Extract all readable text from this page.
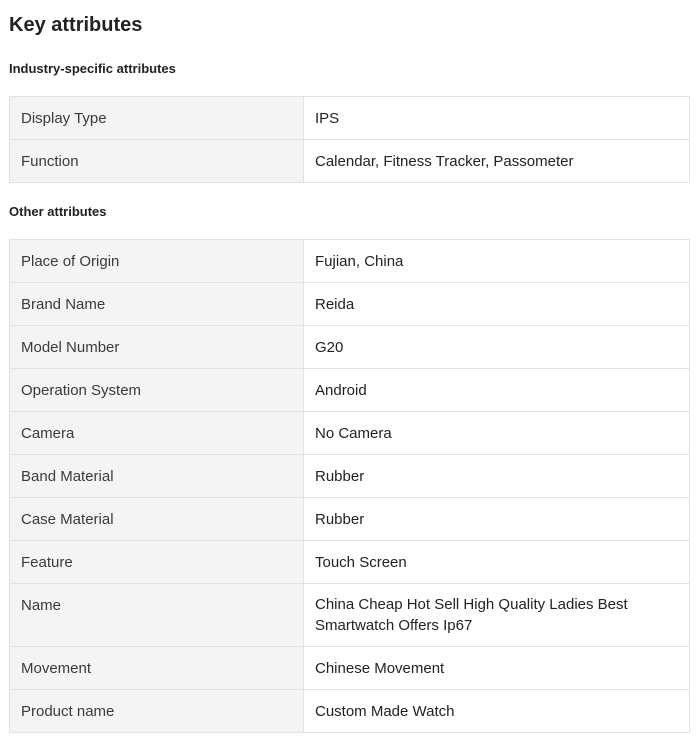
Key attributes
Industry-specific attributes
Display Type	IPS
Function	Calendar, Fitness Tracker, Passometer
Other attributes
Place of Origin	Fujian, China
Brand Name	Reida
Model Number	G20
Operation System	Android
Camera	No Camera
Band Material	Rubber
Case Material	Rubber
Feature	Touch Screen
Name	China Cheap Hot Sell High Quality Ladies Best Smartwatch Offers Ip67
Movement	Chinese Movement
Product name	Custom Made Watch
